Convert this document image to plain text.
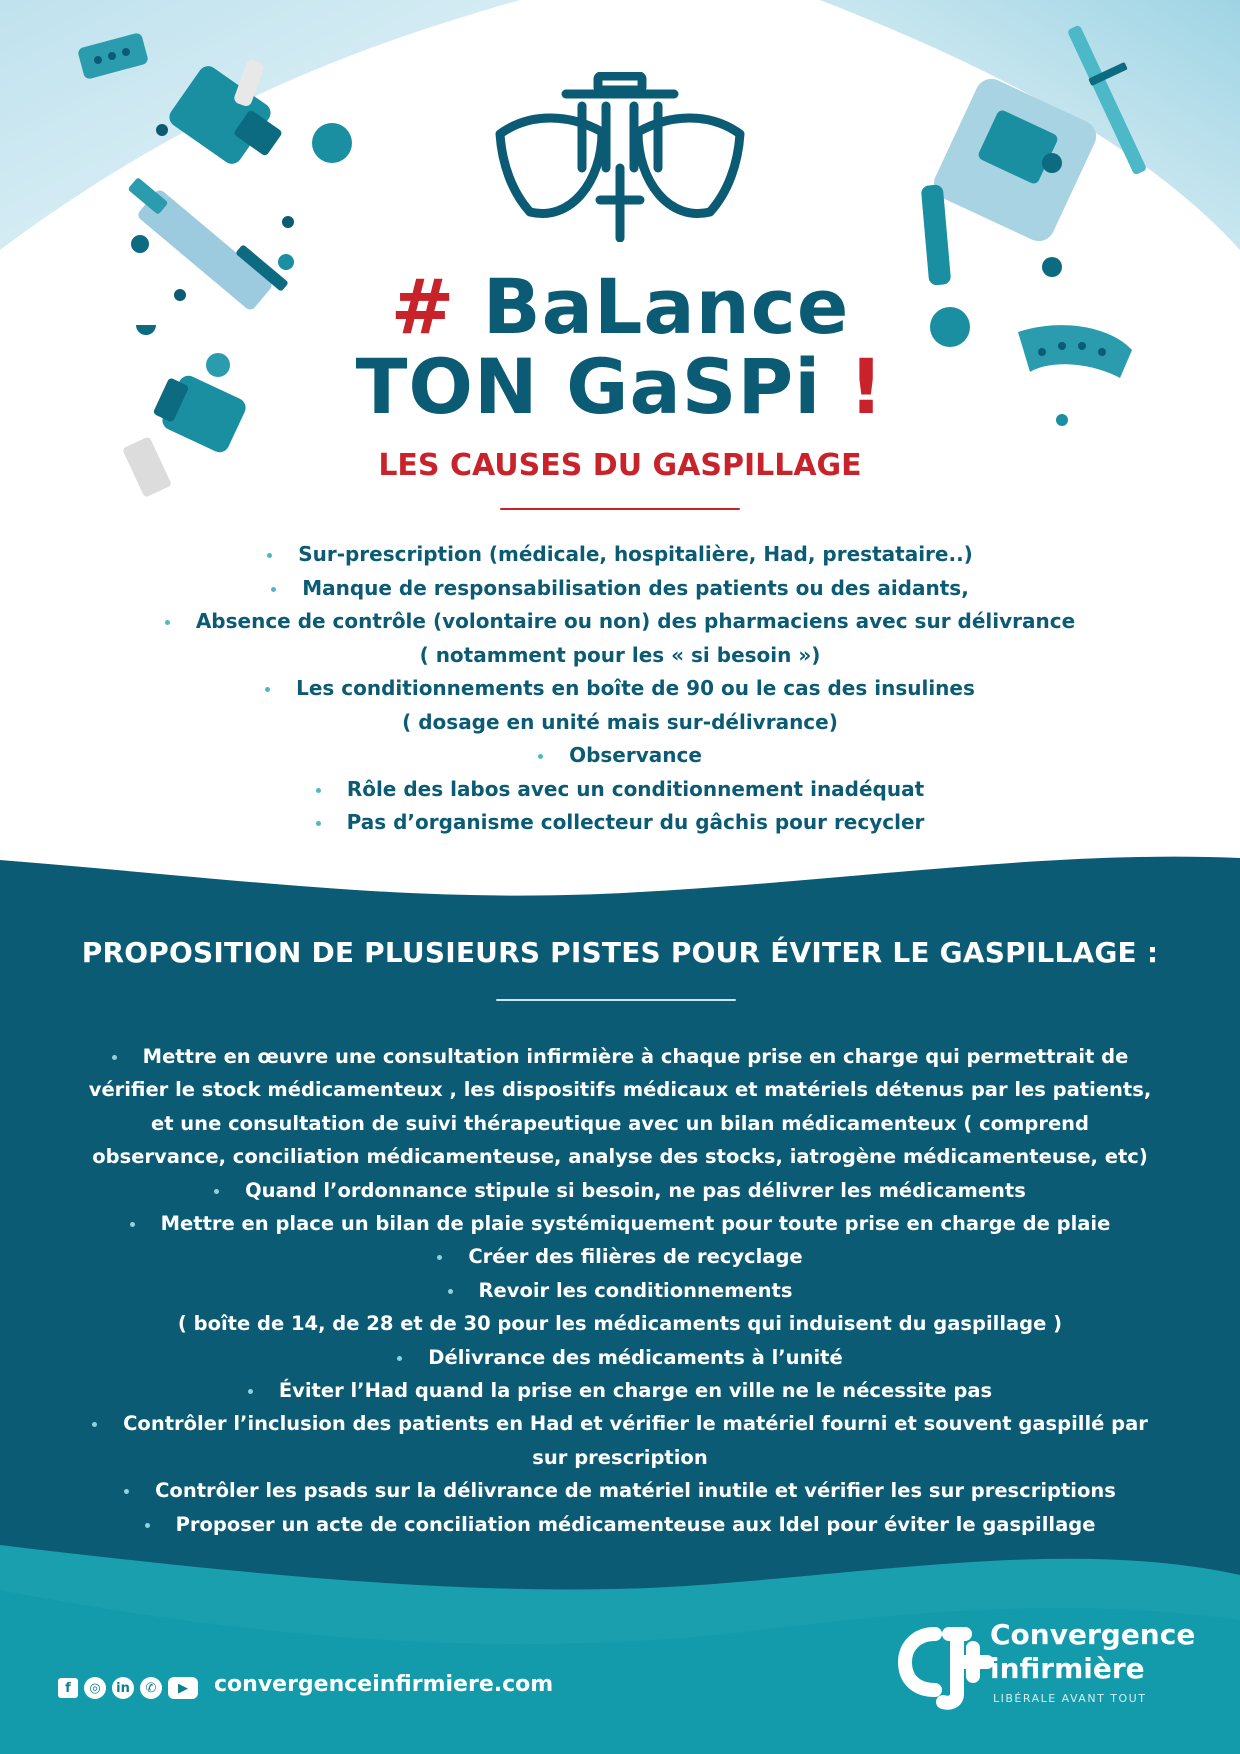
# BaLance
TON GaSPi !
LES CAUSES DU GASPILLAGE
Sur-prescription (médicale, hospitalière, Had, prestataire..)
Manque de responsabilisation des patients ou des aidants,
Absence de contrôle (volontaire ou non) des pharmaciens avec sur délivrance
( notamment pour les « si besoin »)
Les conditionnements en boîte de 90 ou le cas des insulines
( dosage en unité mais sur-délivrance)
Observance
Rôle des labos avec un conditionnement inadéquat
Pas d’organisme collecteur du gâchis pour recycler
PROPOSITION DE PLUSIEURS PISTES POUR ÉVITER LE GASPILLAGE :
Mettre en œuvre une consultation infirmière à chaque prise en charge qui permettrait de
vérifier le stock médicamenteux , les dispositifs médicaux et matériels détenus par les patients,
et une consultation de suivi thérapeutique avec un bilan médicamenteux ( comprend
observance, conciliation médicamenteuse, analyse des stocks, iatrogène médicamenteuse, etc)
Quand l’ordonnance stipule si besoin, ne pas délivrer les médicaments
Mettre en place un bilan de plaie systémiquement pour toute prise en charge de plaie
Créer des filières de recyclage
Revoir les conditionnements
( boîte de 14, de 28 et de 30 pour les médicaments qui induisent du gaspillage )
Délivrance des médicaments à l’unité
Éviter l’Had quand la prise en charge en ville ne le nécessite pas
Contrôler l’inclusion des patients en Had et vérifier le matériel fourni et souvent gaspillé par
sur prescription
Contrôler les psads sur la délivrance de matériel inutile et vérifier les sur prescriptions
Proposer un acte de conciliation médicamenteuse aux Idel pour éviter le gaspillage
f	◎	in	✆	▶	convergenceinfirmiere.com
Convergence
infirmière
LIBÉRALE AVANT TOUT
